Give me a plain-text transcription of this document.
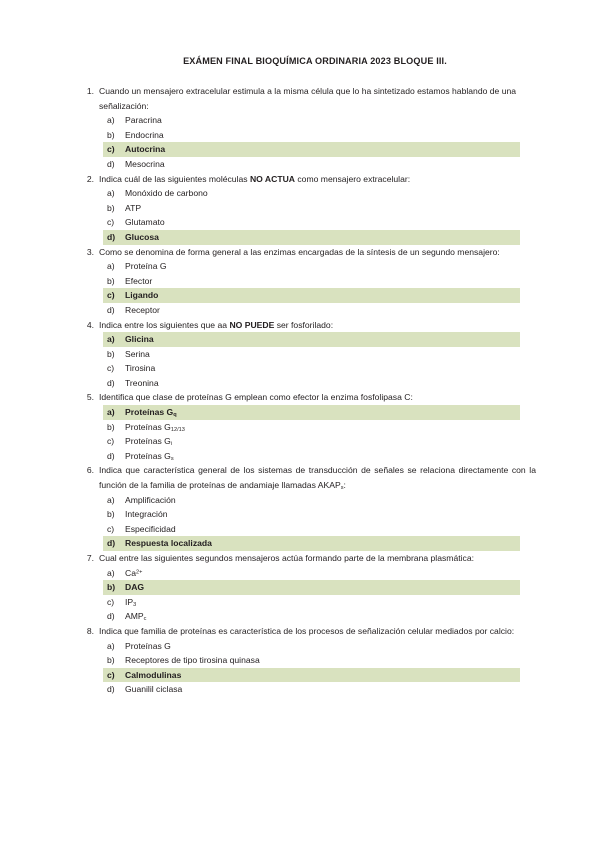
EXÁMEN FINAL BIOQUÍMICA ORDINARIA 2023 BLOQUE III.
1. Cuando un mensajero extracelular estimula a la misma célula que lo ha sintetizado estamos hablando de una señalización:

a) Paracrina
b) Endocrina
c) Autocrina
d) Mesocrina
2. Indica cuál de las siguientes moléculas NO ACTUA como mensajero extracelular:

a) Monóxido de carbono
b) ATP
c) Glutamato
d) Glucosa
3. Como se denomina de forma general a las enzimas encargadas de la síntesis de un segundo mensajero:

a) Proteína G
b) Efector
c) Ligando
d) Receptor
4. Indica entre los siguientes que aa NO PUEDE ser fosforilado:

a) Glicina
b) Serina
c) Tirosina
d) Treonina
5. Identifica que clase de proteínas G emplean como efector la enzima fosfolipasa C:

a) Proteínas $G_q$
b) Proteínas $G_{12/13}$
c) Proteínas $G_i$
d) Proteínas $G_s$
6. Indica que característica general de los sistemas de transducción de señales se relaciona directamente con la función de la familia de proteínas de andamiaje llamadas $AKAP_s$:

a) Amplificación
b) Integración
c) Especificidad
d) Respuesta localizada
7. Cual entre las siguientes segundos mensajeros actúa formando parte de la membrana plasmática:

a) $Ca^{2+}$
b) DAG
c) $IP_3$
d) $AMP_c$
8. Indica que familia de proteínas es característica de los procesos de señalización celular mediados por calcio:

a) Proteínas G
b) Receptores de tipo tirosina quinasa
c) Calmodulinas
d) Guanilil ciclasa
